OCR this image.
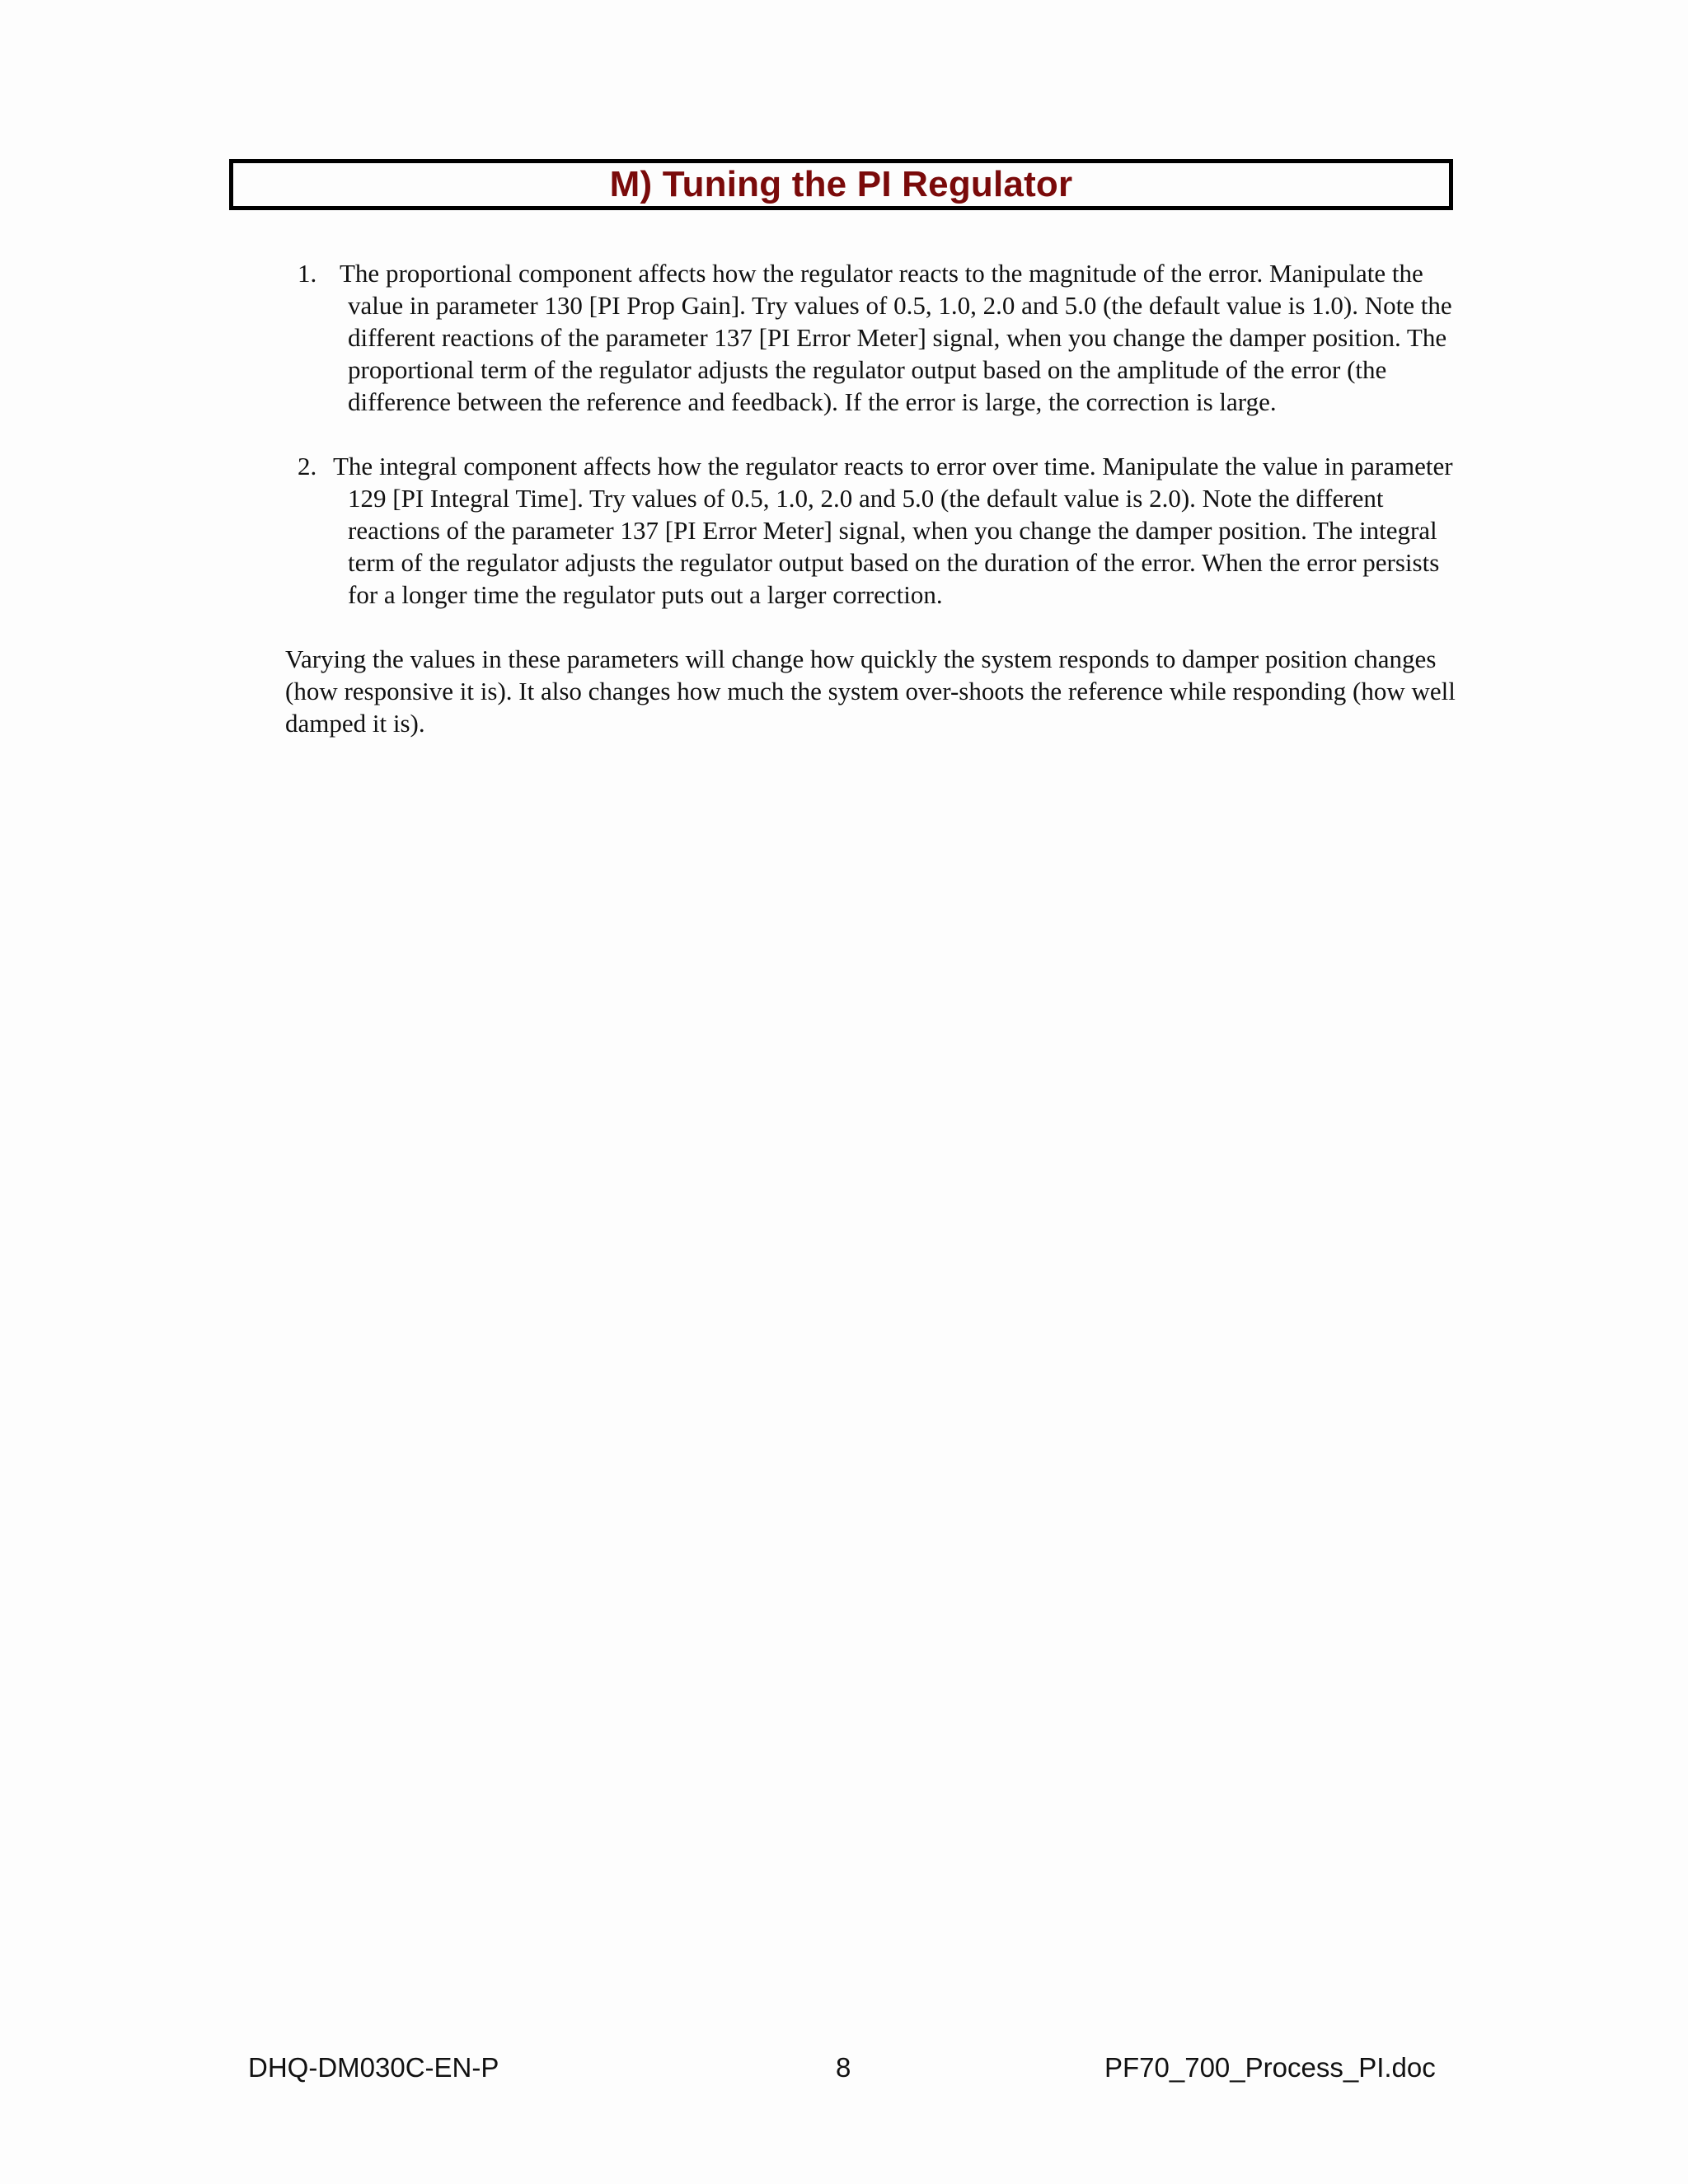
M) Tuning the PI Regulator
1. The proportional component affects how the regulator reacts to the magnitude of the error. Manipulate the value in parameter 130 [PI Prop Gain]. Try values of 0.5, 1.0, 2.0 and 5.0 (the default value is 1.0). Note the different reactions of the parameter 137 [PI Error Meter] signal, when you change the damper position. The proportional term of the regulator adjusts the regulator output based on the amplitude of the error (the difference between the reference and feedback). If the error is large, the correction is large.
2. The integral component affects how the regulator reacts to error over time. Manipulate the value in parameter 129 [PI Integral Time]. Try values of 0.5, 1.0, 2.0 and 5.0 (the default value is 2.0). Note the different reactions of the parameter 137 [PI Error Meter] signal, when you change the damper position. The integral term of the regulator adjusts the regulator output based on the duration of the error. When the error persists for a longer time the regulator puts out a larger correction.
Varying the values in these parameters will change how quickly the system responds to damper position changes (how responsive it is). It also changes how much the system over-shoots the reference while responding (how well damped it is).
DHQ-DM030C-EN-P	8	PF70_700_Process_PI.doc
